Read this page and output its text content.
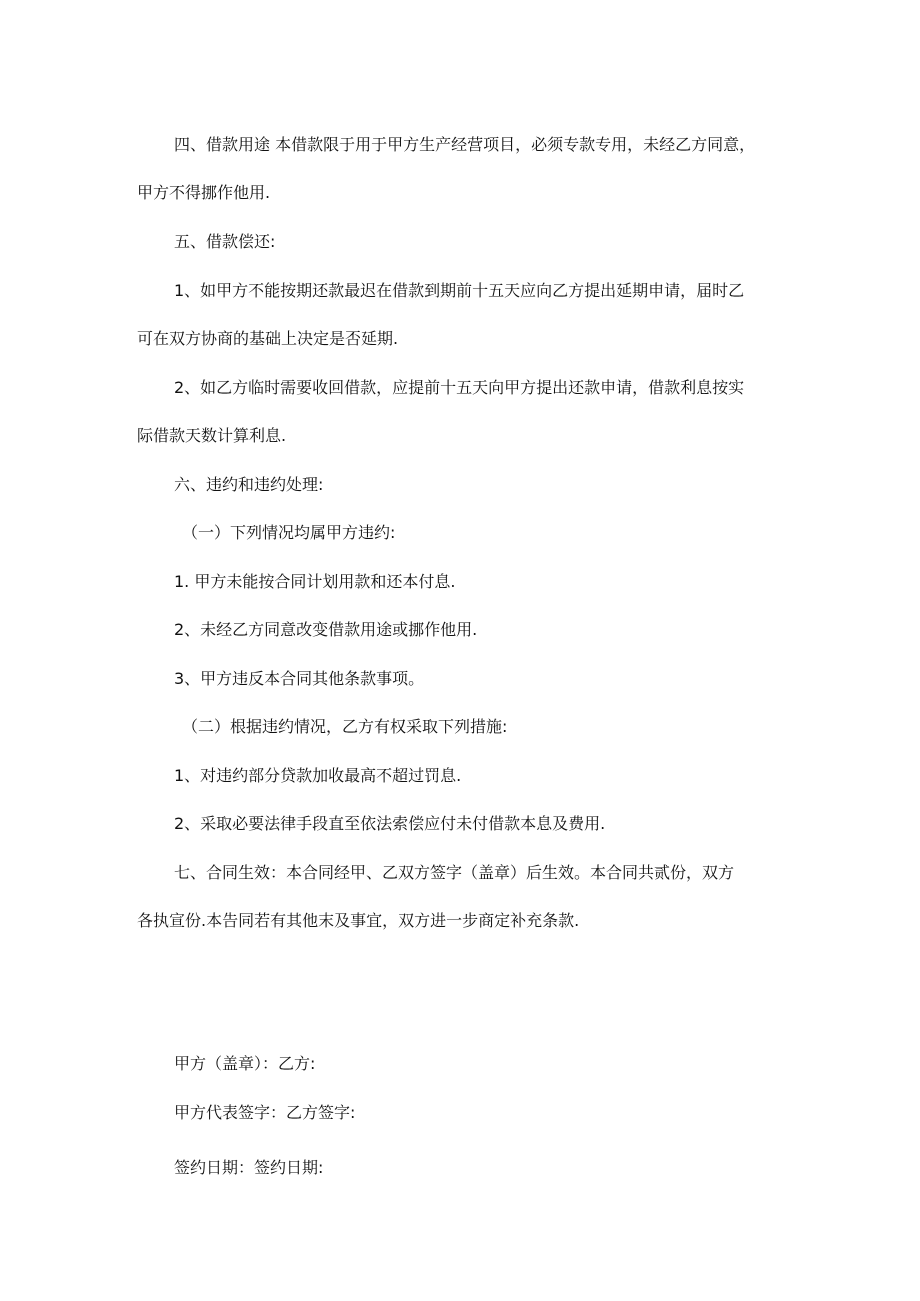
四、借款用途 本借款限于用于甲方生产经营项目，必须专款专用，未经乙方同意，
甲方不得挪作他用.
五、借款偿还:
1、如甲方不能按期还款最迟在借款到期前十五天应向乙方提出延期申请，届时乙
可在双方协商的基础上决定是否延期.
2、如乙方临时需要收回借款，应提前十五天向甲方提出还款申请，借款利息按实
际借款天数计算利息.
六、违约和违约处理:
（一）下列情况均属甲方违约:
1. 甲方未能按合同计划用款和还本付息.
2、未经乙方同意改变借款用途或挪作他用.
3、甲方违反本合同其他条款事项。
（二）根据违约情况，乙方有权采取下列措施:
1、对违约部分贷款加收最高不超过罚息.
2、采取必要法律手段直至依法索偿应付未付借款本息及费用.
七、合同生效：本合同经甲、乙双方签字（盖章）后生效。本合同共贰份，双方
各执宣份.本告同若有其他末及事宜，双方进一步商定补充条款.
甲方（盖章）：乙方:
甲方代表签字：乙方签字:
签约日期：签约日期:
